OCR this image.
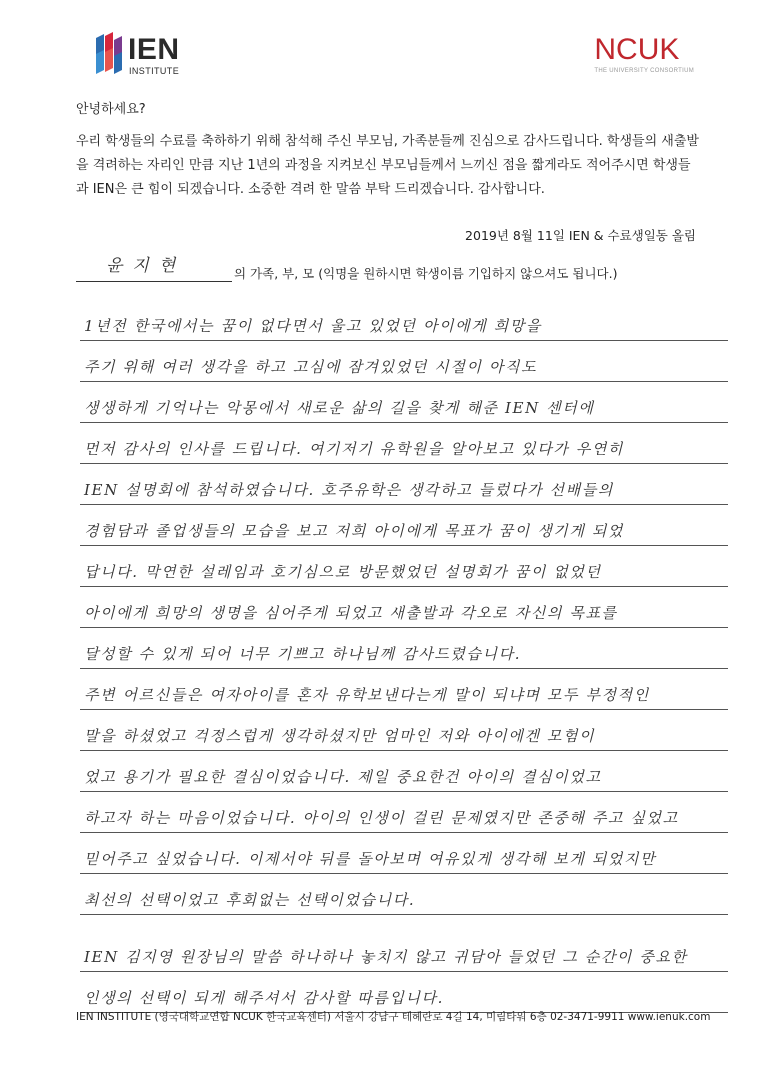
IEN
INSTITUTE
NCUK
THE UNIVERSITY CONSORTIUM
안녕하세요?
우리 학생들의 수료를 축하하기 위해 참석해 주신 부모님, 가족분들께 진심으로 감사드립니다. 학생들의 새출발을 격려하는 자리인 만큼 지난 1년의 과정을 지켜보신 부모님들께서 느끼신 점을 짧게라도 적어주시면 학생들과 IEN은 큰 힘이 되겠습니다. 소중한 격려 한 말씀 부탁 드리겠습니다. 감사합니다.
2019년 8월 11일 IEN & 수료생일동 올림
윤지현	의 가족, 부, 모 (익명을 원하시면 학생이름 기입하지 않으셔도 됩니다.)
1년전 한국에서는 꿈이 없다면서 울고 있었던 아이에게 희망을
주기 위해 여러 생각을 하고 고심에 잠겨있었던 시절이 아직도
생생하게 기억나는 악몽에서 새로운 삶의 길을 찾게 해준 IEN 센터에
먼저 감사의 인사를 드립니다. 여기저기 유학원을 알아보고 있다가 우연히
IEN 설명회에 참석하였습니다. 호주유학은 생각하고 들렀다가 선배들의
경험담과 졸업생들의 모습을 보고 저희 아이에게 목표가 꿈이 생기게 되었
답니다. 막연한 설레임과 호기심으로 방문했었던 설명회가 꿈이 없었던
아이에게 희망의 생명을 심어주게 되었고 새출발과 각오로 자신의 목표를
달성할 수 있게 되어 너무 기쁘고 하나님께 감사드렸습니다.
주변 어르신들은 여자아이를 혼자 유학보낸다는게 말이 되냐며 모두 부정적인
말을 하셨었고 걱정스럽게 생각하셨지만 엄마인 저와 아이에겐 모험이
었고 용기가 필요한 결심이었습니다. 제일 중요한건 아이의 결심이었고
하고자 하는 마음이었습니다. 아이의 인생이 걸린 문제였지만 존중해 주고 싶었고
믿어주고 싶었습니다. 이제서야 뒤를 돌아보며 여유있게 생각해 보게 되었지만
최선의 선택이었고 후회없는 선택이었습니다.
IEN 김지영 원장님의 말씀 하나하나 놓치지 않고 귀담아 들었던 그 순간이 중요한
인생의 선택이 되게 해주셔서 감사할 따름입니다.
IEN INSTITUTE (영국대학교연합 NCUK 한국교육센터) 서울시 강남구 테헤란로 4길 14, 미림타워 6층 02-3471-9911 www.ienuk.com
